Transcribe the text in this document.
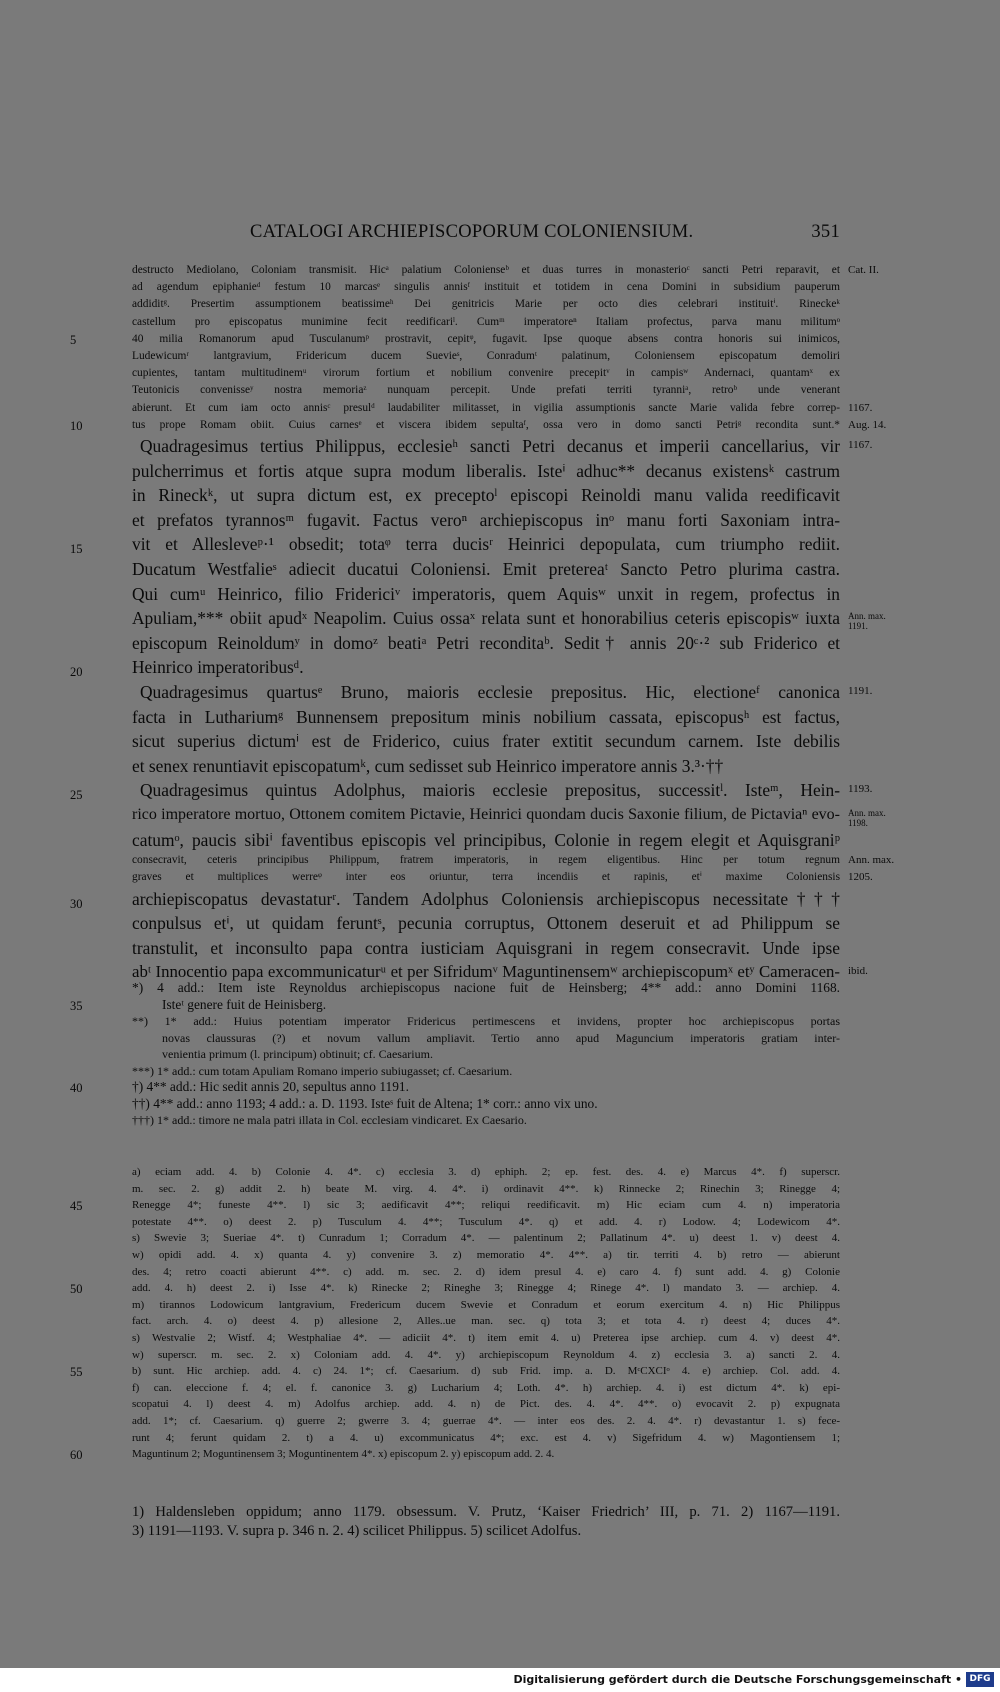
CATALOGI ARCHIEPISCOPORUM COLONIENSIUM.	351
destructo Mediolano, Coloniam transmisit. Hicᵃ palatium Colonienseᵇ et duas turres in monasterioᶜ sancti Petri reparavit, et Cat. II.
ad agendum epiphanieᵈ festum 10 marcasᵉ singulis annisᶠ instituit et totidem in cena Domini in subsidium pauperum
addiditᵍ. Presertim assumptionem beatissimeʰ Dei genitricis Marie per octo dies celebrari instituitⁱ. Rineckeᵏ
castellum pro episcopatus munimine fecit reedificariˡ. Cumᵐ imperatoreⁿ Italiam profectus, parva manu militumᵒ
40 milia Romanorum apud Tusculanumᵖ prostravit, cepitᵠ, fugavit. Ipse quoque absens contra honoris sui inimicos,
5
Ludewicumʳ lantgravium, Fridericum ducem Suevieˢ, Conradumᵗ palatinum, Coloniensem episcopatum demoliri
cupientes, tantam multitudinemᵘ virorum fortium et nobilium convenire precepitᵛ in campisʷ Andernaci, quantamˣ ex
Teutonicis convenisseʸ nostra memoriaᶻ nunquam percepit. Unde prefati territi tyranniᵃ, retroᵇ unde venerant
abierunt. Et cum iam octo annisᶜ presulᵈ laudabiliter militasset, in vigilia assumptionis sancte Marie valida febre correp- 1167.
tus prope Romam obiit. Cuius carnesᵉ et viscera ibidem sepultaᶠ, ossa vero in domo sancti Petriᵍ recondita sunt.*
10	Aug. 14.
Quadragesimus tertius Philippus, ecclesieʰ sancti Petri decanus et imperii cancellarius, vir 1167.
pulcherrimus et fortis atque supra modum liberalis. Isteⁱ adhuc** decanus existensᵏ castrum
in Rineckᵏ, ut supra dictum est, ex preceptoˡ episcopi Reinoldi manu valida reedificavit
et prefatos tyrannosᵐ fugavit. Factus veroⁿ archiepiscopus inᵒ manu forti Saxoniam intra-
vit et Allesleveᵖ·¹ obsedit; totaᵠ terra ducisʳ Heinrici depopulata, cum triumpho rediit.
15
Ducatum Westfalieˢ adiecit ducatui Coloniensi. Emit pretereaᵗ Sancto Petro plurima castra.
Qui cumᵘ Heinrico, filio Fridericiᵛ imperatoris, quem Aquisʷ unxit in regem, profectus in
Apuliam,*** obiit apudˣ Neapolim. Cuius ossaˣ relata sunt et honorabilius ceteris episcopisʷ iuxta Ann. max.
1191.
episcopum Reinoldumʸ in domoᶻ beatiᵃ Petri reconditaᵇ. Sedit† annis 20ᶜ·² sub Friderico et
Heinrico imperatoribusᵈ.
20
Quadragesimus quartusᵉ Bruno, maioris ecclesie prepositus. Hic, electioneᶠ canonica 1191.
facta in Luthariumᵍ Bunnensem prepositum minis nobilium cassata, episcopusʰ est factus,
sicut superius dictumⁱ est de Friderico, cuius frater extitit secundum carnem. Iste debilis
et senex renuntiavit episcopatumᵏ, cum sedisset sub Heinrico imperatore annis 3.³·††
Quadragesimus quintus Adolphus, maioris ecclesie prepositus, successitˡ. Isteᵐ, Hein-
25	1193.
rico imperatore mortuo, Ottonem comitem Pictavie, Heinrici quondam ducis Saxonie filium, de Pictaviaⁿ evo- Ann. max.
1198.
catumᵒ, paucis sibiⁱ faventibus episcopis vel principibus, Colonie in regem elegit et Aquisgraniᵖ
consecravit, ceteris principibus Philippum, fratrem imperatoris, in regem eligentibus. Hinc per totum regnum Ann. max.
graves et multiplices werreᵠ inter eos oriuntur, terra incendiis et rapinis, etⁱ maxime Coloniensis 1205.
archiepiscopatus devastaturʳ. Tandem Adolphus Coloniensis archiepiscopus necessitate†††
30
conpulsus etⁱ, ut quidam feruntˢ, pecunia corruptus, Ottonem deseruit et ad Philippum se
transtulit, et inconsulto papa contra iusticiam Aquisgrani in regem consecravit. Unde ipse
abᵗ Innocentio papa excommunicaturᵘ et per Sifridumᵛ Maguntinensemʷ archiepiscopumˣ etʸ Cameracen- ibid.
*) 4 add.: Item iste Reynoldus archiepiscopus nacione fuit de Heinsberg; 4** add.: anno Domini 1168.
Isteᵗ genere fuit de Heinisberg.
35
**) 1* add.: Huius potentiam imperator Fridericus pertimescens et invidens, propter hoc archiepiscopus portas
novas claussuras (?) et novum vallum ampliavit. Tertio anno apud Maguncium imperatoris gratiam inter-
venientia primum (l. principum) obtinuit; cf. Caesarium.
***) 1* add.: cum totam Apuliam Romano imperio subiugasset; cf. Caesarium.
†) 4** add.: Hic sedit annis 20, sepultus anno 1191.
40
††) 4** add.: anno 1193; 4 add.: a. D. 1193. Isteˢ fuit de Altena; 1* corr.: anno vix uno.
†††) 1* add.: timore ne mala patri illata in Col. ecclesiam vindicaret. Ex Caesario.
a) eciam add. 4. b) Colonie 4. 4*. c) ecclesia 3. d) ephiph. 2; ep. fest. des. 4. e) Marcus 4*. f) superscr.
m. sec. 2. g) addit 2. h) beate M. virg. 4. 4*. i) ordinavit 4**. k) Rinnecke 2; Rinechin 3; Rinegge 4;
Renegge 4*; funeste 4**. l) sic 3; aedificavit 4**; reliqui reedificavit. m) Hic eciam cum 4. n) imperatoria
45
potestate 4**. o) deest 2. p) Tusculum 4. 4**; Tusculum 4*. q) et add. 4. r) Lodow. 4; Lodewicom 4*.
s) Swevie 3; Sueriae 4*. t) Cunradum 1; Corradum 4*. — palentinum 2; Pallatinum 4*. u) deest 1. v) deest 4.
w) opidi add. 4. x) quanta 4. y) convenire 3. z) memoratio 4*. 4**. a) tir. territi 4. b) retro — abierunt
des. 4; retro coacti abierunt 4**. c) add. m. sec. 2. d) idem presul 4. e) caro 4. f) sunt add. 4. g) Colonie
add. 4. h) deest 2. i) Isse 4*. k) Rinecke 2; Rineghe 3; Rinegge 4; Rinege 4*. l) mandato 3. — archiep. 4.
50
m) tirannos Lodowicum lantgravium, Fredericum ducem Swevie et Conradum et eorum exercitum 4. n) Hic Philippus
fact. arch. 4. o) deest 4. p) allesione 2, Alles..ue man. sec. q) tota 3; et tota 4. r) deest 4; duces 4*.
s) Westvalie 2; Wistf. 4; Westphaliae 4*. — adiciit 4*. t) item emit 4. u) Preterea ipse archiep. cum 4. v) deest 4*.
w) superscr. m. sec. 2. x) Coloniam add. 4. 4*. y) archiepiscopum Reynoldum 4. z) ecclesia 3. a) sancti 2. 4.
b) sunt. Hic archiep. add. 4. c) 24. 1*; cf. Caesarium. d) sub Frid. imp. a. D. MᶜCXCIᵒ 4. e) archiep. Col. add. 4.
55
f) can. eleccione f. 4; el. f. canonice 3. g) Lucharium 4; Loth. 4*. h) archiep. 4. i) est dictum 4*. k) epi-
scopatui 4. l) deest 4. m) Adolfus archiep. add. 4. n) de Pict. des. 4. 4*. 4**. o) evocavit 2. p) expugnata
add. 1*; cf. Caesarium. q) guerre 2; gwerre 3. 4; guerrae 4*. — inter eos des. 2. 4. 4*. r) devastantur 1. s) fece-
runt 4; ferunt quidam 2. t) a 4. u) excommunicatus 4*; exc. est 4. v) Sigefridum 4. w) Magontiensem 1;
Maguntinum 2; Moguntinensem 3; Moguntinentem 4*. x) episcopum 2. y) episcopum add. 2. 4.
60
1) Haldensleben oppidum; anno 1179. obsessum. V. Prutz, ‘Kaiser Friedrich’ III, p. 71. 2) 1167—1191.
3) 1191—1193. V. supra p. 346 n. 2. 4) scilicet Philippus. 5) scilicet Adolfus.
Digitalisierung gefördert durch die Deutsche Forschungsgemeinschaft • DFG
